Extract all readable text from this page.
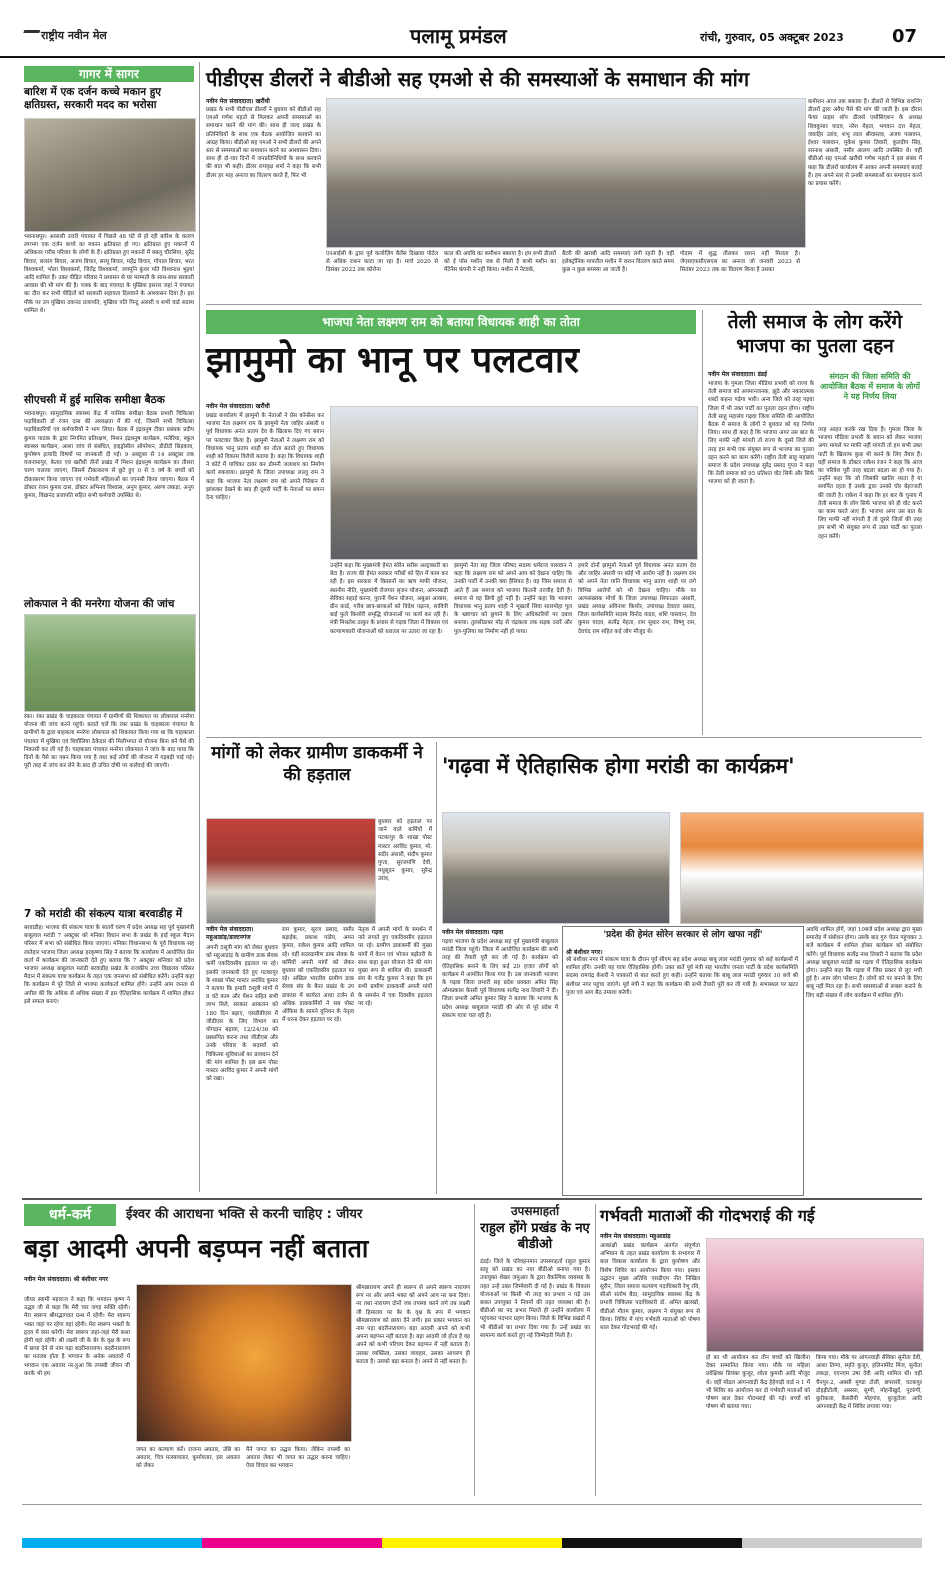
राष्ट्रीय नवीन मेल	पलामू प्रमंडल	रांची, गुरुवार, 05 अक्टूबर 2023	07
गागर में सागर
बारिश में एक दर्जन कच्चे मकान हुए क्षतिग्रस्त, सरकारी मदद का भरोसा
भवनाथपुर। अरसली उत्तरी पंचायत में पिछले 48 घंटे से हो रही बारिश के कारण लगभग एक दर्जन कच्चे का मकान क्षतिग्रस्त हो गए। क्षतिग्रस्त हुए मकानों में अधिकतर गरीब परिवार के लोगों के हैं। क्षतिग्रस्त हुए मकानों में बबलू चौरसिया, सुरेंद्र बिचार, बजरंग बिचार, अजय बिचार, सरयू बिचार, महेंद्र बिचार, गोपाल बिचार, भरत विश्वकर्मा, भोला विश्वकर्मा, जितेंद्र विश्वकर्मा, जयमुनि कुंवर पति विश्वनाथ भुइयां आदि शामिल हैं। उक्त पीड़ित परिवार ने प्रशासन से घर मरम्मती के साथ-साथ सरकारी आवास की भी मांग की है। पत्रक के बाद पंचायत के मुखिया इसरार जहां ने पंचायत का दौरा कर सभी पीड़ितों को सरकारी सहायता दिलवाने के आश्वासन दिया है। इस मौके पर उप मुखिया दयानंद प्रजापति, मुखिया पति पिन्टू अंसारी व सभी वार्ड सदस्य शामिल थे।
सीएचसी में हुई मासिक समीक्षा बैठक
भवनाथपुर। सामुदायिक स्वास्थ्य केंद्र में मासिक समीक्षा बैठक प्रभारी चिकित्सा पदाधिकारी डॉ रंजन दास की अध्यक्षता में की गई, जिसमें सभी चिकित्सा पदाधिकारियों एवं कर्मचारियों ने भाग लिया। बैठक में इंद्रधनुष टीका प्रबंधक प्रदीप कुमार पाठक के द्वारा निगमित प्रतिरक्षण, मिशन इंद्रधनुष कार्यक्रम, मलेरिया, स्कूल स्वास्थ्य कार्यक्रम, आशा जांच से संबंधित, हाइड्रोसील ऑपरेशन, डीडीटी छिड़काव, कुपोषण इत्यादि विषयों पर जानकारी दी गई। 9 अक्टूबर से 14 अक्टूबर तक वजनामापुर, केतार एवं खरौंधी तीनों प्रखंड में मिशन इंद्रधनुष कार्यक्रम का तीसरा चरण चलाया जाएगा, जिसमें टीकाकरण से छूटे हुए 0 से 5 वर्ष के बच्चों को टीकाकरण किया जाएगा एवं गर्भवती महिलाओं का एएनसी किया जाएगा। बैठक में डॉक्टर रंजन कुमार दास, डॉक्टर अभिनव विश्वास, अनुप कुमार, अरुण लकड़ा, अनूप कुमार, विद्यानंद प्रजापति सहित सभी कर्मचारी उपस्थित थे।
लोकपाल ने की मनरेगा योजना की जांच
रंका। रंका प्रखंड के चाहकाला पंचायत में ग्रामीणों की शिकायत पर लोकपाल मनरेगा योजना की जांच करने पहुंचे। बताते चलें कि रंका प्रखंड के चाहकाला पंचायत के ग्रामीणों के द्वारा बाहकला मनरेगा लोकपाल को शिकायत किया गया था कि चाहकाला पंचायत में मुखिया एवं बिचौलिया ठेकेदार की मिलीभगत से योजना बिना बने पैसे की निकासी कर ली गई है। चाहकाला पंचायत मनरेगा लोकपाल ने जांच के बाद पाया कि दिनों के पैसे का गबन किया गया है तथा कई लोगों की योजना में गड़बड़ी पाई गई। पूरी तरह से जांच कर लेने के बाद ही उचित दोषी पर कार्रवाई की जाएगी।
7 को मरांडी की संकल्प यात्रा बरवाडीह में
बरवाडीह। भाजपा की संकल्प यात्रा के सातवें चरण में प्रदेश अध्यक्ष सह पूर्व मुख्यमंत्री बाबूलाल मरांडी 7 अक्टूबर को मनिका विधान सभा के प्रखंड के हाई स्कूल मैदान परिसर में सभा को संबोधित किया जाएगा। मनिका विधानसभा के पूर्व विधायक सह लातेहार भाजपा जिला अध्यक्ष हरकृष्णा सिंह ने बताया कि कार्यालय में आयोजित प्रेस वार्ता में कार्यक्रम की जानकारी देते हुए बताया कि 7 अक्टूबर शनिवार को प्रदेश भाजपा अध्यक्ष बाबूलाल मरांडी बरवाडीह प्रखंड के राजकीय उच्च विद्यालय परिसर मैदान में संकल्प यात्रा कार्यक्रम के तहत एक जनसभा को संबोधित करेंगे। उन्होंने कहा कि कार्यक्रम में पूरे जिले से भाजपा कार्यकर्ता शामिल होंगे। उन्होंने आम जनता से अपील की कि अधिक से अधिक संख्या में इस ऐतिहासिक कार्यक्रम में शामिल होकर इसे सफल बनाएं।
पीडीएस डीलरों ने बीडीओ सह एमओ से की समस्याओं के समाधान की मांग
नवीन मेल संवाददाता। खरौंधी
प्रखंड के सभी पीडीएस डीलरों ने बुधवार को बीडीओ सह एमओ गणेश महतो से मिलकर अपनी समस्याओं का समाधान करने की मांग की। साथ ही जल्द प्रखंड के प्रतिनिधियों के साथ एक बैठक आयोजित करवाने का आग्रह किया। बीडीओ सह एमओ ने सभी डीलरों की अपने स्तर से समस्याओं का समाधान करने का आश्वासन दिया। साथ ही दो-चार दिनों में जनप्रतिनिधियों के साथ करवाने की बात भी कही। डीलर रामवृक्ष शर्मा ने कहा कि सभी डीलर हर माह अनाज का वितरण करते हैं, फिर भी
एनआईसी के द्वारा पूर्व कलोज़िंग बैलेंस दिखावा पोर्टल से अधिक राशन काटा जा रहा है। मार्च 2020 से दिसंबर 2022 तक कोरोना
काल की अवधि का कमीशन बकाया है। हम सभी डीलरों को ई पॉस मशीन जब से मिली है कभी मशीन का मेंटेनेंस कंपनी ने नहीं किया। मशीन में नेटवर्क,
बैटरी की खराबी आदि समस्याएं लगी रहती हैं। वहीं इलेक्ट्रॉनिक मापतौल मशीन में राशन वितरण करते समय कुछ न कुछ समस्या आ जाती है।
गोदाम में शुद्ध तौलकर राशन नहीं मिलता है। जेएसएफसीएसएस का अनाज जो जनवरी 2023 से सितंबर 2023 तक का वितरण किया है उसका
कमीशन आज तक बकाया है। डीलरों से विभिन्न राशनिंग डीलरों द्वारा अवैध पैसे की मांग की जाती है। इस दौरान फेयर प्राइस शॉप डीलर्स एसोसिएशन के अध्यक्ष शिवकुमार यादव, नरेश मेहता, भगवान दत्त मेहता, जवाहिर उरांव, शंभू लाल श्रीवास्तव, अजय पासवान, ईश्वर पासवान, मुकेश कुमार तिवारी, कुलदीप सिंह, रसनाथ अंसारी, नसीर आलम आदि उपस्थित थे। वहीं बीडीओ सह एमओ खरौंधी गणेश महतो ने इस संबंध में कहा कि डीलरों कार्यालय में आकर अपनी समस्याएं बताई हैं। हम अपने स्तर से उनकी समस्याओं का समाधान करने का प्रयास करेंगे।
भाजपा नेता लक्ष्मण राम को बताया विधायक शाही का तोता
झामुमो का भानू पर पलटवार
नवीन मेल संवाददाता। खरौंधी
प्रखंड कार्यालय में झामुमो के नेताओं ने प्रेस कॉन्फ्रेंस कर भाजपा नेता लक्ष्मण राम के झामुमो नेता जाहिर अंसारी व पूर्व विधायक अनंत प्रताप देव के खिलाफ दिए गए बयान पर पलटवार किया है। झामुमो नेताओं ने लक्ष्मण राम को विधायक भानु प्रताप शाही का तोता बताते हुए विधायक शाही को विकास विरोधी बताया है। कहा कि विधायक शाही ने कोर्ट में याचिका दायर कर डोमनी जलाशय का निर्माण कार्य रुकवाया। झामुमो के जिला उपाध्यक्ष लल्लू राम ने कहा कि भाजपा नेता लक्ष्मण राम को अपने गिरेबान में झांककर देखने के बाद ही दूसरी पार्टी के नेताओं पर बयान देना चाहिए।
उन्होंने कहा कि मुख्यमंत्री हेमंत सोरेन सरीस अल्ट्राकारी का बेटा है। राज्य की हेमंत सरकार गरीबों को हित में काम कर रही है। इस सरकार में किसानों का ऋण माफी योजना, स्थानीय नीति, मुख्यमंत्री रोजगार सृजन योजना, आंगनबाड़ी सेविका सहाई करना, पुरानी पेंशन योजना, अबुआ आवास, ग्रीन कार्ड, गरीब छात्र-छात्राओं को विदेश पढ़ाना, सावित्री बाई फुले किशोरी समृद्धि योजनाओं पर कार्य कर रही है। मंत्री मिथलेश ठाकुर के प्रयास से गढ़वा जिला में विकास एवं कल्याणकारी योजनाओं को धरातल पर उतारा जा रहा है।
झामुमो नेता सह जिला परिषद सदस्य धर्मराज पासवान ने कहा कि लक्ष्मण राम को अपने आप को देखना चाहिए कि उनकी पार्टी में उनकी क्या हैसियत है। वह जिस समाज से आते हैं उस समाज को भाजपा कितनी तरजीह देती है। समाज से वह छिपी हुई नहीं है। उन्होंने कहा कि भाजपा विधायक भानु प्रताप शाही ने भूखलों सिवा सालमोहा पुल के भ्रष्टाचार को छुपाने के लिए अधिकारियों पर दबाव बनाया। तुलसीडाबर मोड़ से चंद्रकला तक सड़क दरारें और पुल-पुलिया का निर्माण नहीं हो पाया।
हमारे दोनों झामुमो नेताओं पूर्व विधायक अनंत प्रताप देव और जाहिर अंसारी पर कोई भी आरोप नहीं है। लक्ष्मण राम को अपने नेता यानि विधायक भानु प्रताप शाही पर लगे विभिन्न आरोपों को भी देखना चाहिए। मौके पर अल्पसंख्यक मोर्चा के जिला उपाध्यक्ष शिफाउल अंसारी, प्रखंड अध्यक्ष अविनाश किशोर, उपाध्यक्ष देवदत्त प्रसाद, जिला कार्यसमिति सदस्य विनोद यादव, शशि पासवान, देव कुमार यादव, सत्येंद्र मेहता, राम सुधार राम, विष्णु राम, देवचंद राम सहित कई लोग मौजूद थे।
तेली समाज के लोग करेंगे भाजपा का पुतला दहन
संगठन की जिला समिति की आयोजित बैठक में समाज के लोगों ने यह निर्णय लिया
नवीन मेल संवाददाता। डंडई
भाजपा के गुमला जिला मीडिया प्रभारी को राज्य के तेली समाज को अपमानजनक, झूठे और नकारात्मक शब्दों कहना पड़ेगा भारी। अन्य जिले को तरह गढ़वा जिला में भी उक्त पार्टी का पुतला दहन होगा। राष्ट्रीय तेली साहू महासंघ गढ़वा जिला समिति की आयोजित बैठक में समाज के लोगों ने बुधवार को यह निर्णय लिया। साथ ही कहा है कि भाजपा अगर उस बात के लिए माफी नहीं मांगती तो राज्य के दूसरे जिले की तरह हम सभी एक संयुक्त रूप से भाजपा का पुतला दहन करने का काम करेंगे। राष्ट्रीय तेली साहू महासंघ समाज के प्रदेश उपाध्यक्ष सुरेंद्र प्रसाद गुप्ता ने कहा कि तेली समाज को 95 प्रतिशत वोट सिर्फ और सिर्फ भाजपा को ही जाता है।
तरह आहत करके रख दिया है। गुमला जिला के भाजपा मीडिया प्रभारी के बयान को लेकर भाजपा अगर मामले पर माफी नहीं मांगती तो हम सभी उक्त पार्टी के खिलाफ कुछ भी करने के लिए तैयार हैं। वहीं समाज के डॉक्टर राकेश रंजन ने कहा कि आज का परिवेश पूरी तरह बदला बदला सा हो गया है। उन्होंने कहा कि जो जिसकी खातिर मरता है या समर्पित रहता है उसके द्वारा उनको घोर बेइज्जती की जाती है। राकेश ने कहा कि हर बार के चुनाव में तेली समाज के लोग सिर्फ भाजपा को ही वोट करने का काम करते आए हैं। भाजपा अगर उस बात के लिए माफी नहीं मांगती है तो दूसरे जिलों की तरह हम सभी भी संयुक्त रूप से उक्त पार्टी का पुतला दहन करेंगे।
मांगों को लेकर ग्रामीण डाककर्मी ने की हड़ताल
बुधवार को हड़ताल पर जाने वाले कर्मियों में पटकापुर के शाखा पोस्ट मास्टर अरविंद कुमार, मो. सदीर अंसारी, संदीप कुमार गुप्ता, सुरजमणि देवी, मधुसूदन कुमार, सुरेन्द्र उरांव,
नवीन मेल संवाददाता। महुआडांड़/डाल्टनगंज
अपनी 5सूत्री मांग को लेकर बुधवार को महुआडांड़ के ग्रामीण डाक सेवक कर्मी एकदिवसीय हड़ताल पर रहे। इसकी जानकारी देते हुए पटकापुर के शाखा पोस्ट मास्टर अरविंद कुमार ने बताया कि हमारी 5सूत्री मांगों में 8 घंटे काम और पेंशन सहित सभी लाभ मिले, सरकार आकलन को 180 दिन बढ़ाए, एसडीबीएस में जीडीएस के लिए विभाग का योगदान बढ़ाया, 12/24/36 को प्रस्थापित करना तथा जीडीएस और उनके परिवार के सदस्यों को चिकित्सा सुविधाओं का प्रावधान देने की मांग शामिल है। इस क्रम पोस्ट मास्टर अरविंद कुमार ने अपनी मांगों को रखा।
राम कुमार, सूरज प्रसाद, समीर बड़ाईक, प्रकाश पांडेय, अमन कुमार, राकेश कुमार आदि शामिल रहे। वहीं सदरग्रामीण डाक सेवक के कर्मियों अपनी मांगों को लेकर बुधवार को एकदिवसीय हड़ताल पर रहे। अखिल भारतीय ग्रामीण डाक सेवक संघ के बैनर प्रखंड के उप डाकघर में कार्यरत आधा दर्जन से अधिक डाककर्मियों ने सब पोस्ट ऑफिस के सामने यूनियन के नेतृत्व में धरना देकर हड़ताल पर रहे।
नेतृत्व में अपनी मांगों के समर्थन में नारे लगाते हुए एकदिवसीय हड़ताल पर रहे। ग्रामीण डाककर्मी की मुख्य मांगों में वेतन एवं भोजन बढ़ोतरी के साथ कहा हुआ योजना देने की मांग मुख्य रूप से शामिल थी। डाककर्मी संघ के गर्जेद्र कुमार ने कहा कि हम सभी ग्रामीण डाककर्मी अपनी मांगों के समर्थन में एक दिवसीय हड़ताल पर रहे।
'गढ़वा में ऐतिहासिक होगा मरांडी का कार्यक्रम'
नवीन मेल संवाददाता। गढ़वा
गढ़वा भाजपा के प्रदेश अध्यक्ष सह पूर्व मुख्यमंत्री बाबूलाल मरांडी जिला पहुंचे। जिला में आयोजित कार्यक्रम की सभी तरह की तैयारी पूरी कर ली गई है। कार्यक्रम को ऐतिहासिक बनाने के लिए कई 20 हजार लोगों को कार्यक्रम में आमंत्रित किया गया है। उस जानकारी भाजपा के गढ़वा जिला प्रभारी सह प्रदेश प्रवक्ता अमित सिंह ओमप्रकाश केसरी पूर्व विधायक सत्येंद्र नाथ तिवारी ने दी। जिला प्रभारी अमित कुमार सिंह ने बताया कि भाजपा के प्रदेश अध्यक्ष बाबूलाल मरांडी की ओर से पूरे प्रदेश में संकल्प यात्रा चल रही है।
'प्रदेश की हेमंत सोरेन सरकार से लोग खफा नहीं'
श्री बंशीधर नगर।
श्री बंशीधर नगर में संकल्प यात्रा के दौरान पूर्व सीएम सह प्रदेश अध्यक्ष बाबू लाल मरांडी गुरुवार को कई कार्यक्रमों में शामिल होंगे। उनकी यह यात्रा ऐतिहासिक होगी। उक्त बातें पूर्व मंत्री सह भारतीय जनता पार्टी के प्रदेश कार्यसमिति सदस्य रामचंद्र केशरी ने पत्रकारों से बात करते हुए कही। उन्होंने बताया कि बाबू लाल मरांडी गुरुवार 10 बजे श्री बंशीधर नगर पहुंचा जाएंगे। पूर्व मंत्री ने कहा कि कार्यक्रम की सभी तैयारी पूरी कर ली गयी है। सभास्थल पर खटर पूजा एवं आग बैठ तमाशा करेगी।
अवधि शामिल होगें, जहां 10बजे प्रदेश अध्यक्ष द्वारा मुख्य समारोह में संबोधन होगा। उसके बाद गुरु चेतन पहुंचकर 3 बजे कार्यक्रम में शामिल होकर कार्यक्रम को संबोधित करेंगे। पूर्व विधायक सत्येंद्र नाथ तिवारी ने बताया कि प्रदेश अध्यक्ष बाबूलाल मरांडी का गढ़वा में ऐतिहासिक कार्यक्रम होगा। उन्होंने कहा कि गढ़वा में जिस प्रकार से लूट मची हुई है। आम लोग परेशान हैं। लोगों को पर बनाने के लिए बाबू नहीं मिल रहा है। सभी समस्याओं से रूबरू कराने के लिए बड़ी संख्या में लोग कार्यक्रम में शामिल होंगे।
धर्म-कर्म	ईश्वर की आराधना भक्ति से करनी चाहिए : जीयर
बड़ा आदमी अपनी बड़प्पन नहीं बताता
नवीन मेल संवाददाता। श्री बंशीधर नगर
जीयर स्वामी महाराज ने कहा कि भगवान कृष्ण ने उद्धव जी से कहा कि मेरी चार जगह सक्ति रहेगी। मेरा स्वरूप श्रीमद्भागवत ग्रन्थ में रहेगी। मेरा स्वरूप भक्त जहां पर रहेगा वहां रहेगी। मेरा स्वरूप भक्तों के हृदय में वास करेगी। मेरा स्वरूप जहां-जहां मेरी कथा होगी वहां रहेगी। श्री लक्ष्मी जी के बेर के वृक्ष के रूप में छाया देने से नाम पड़ा बदरीनारायण। बदरीनारायण का मतलब होता है भगवान के अनेक अवतारों में भगवान एक अवतार नर-हुआ कि तपस्वी जीवन जी करके भी हम
जगत का कल्याण करें। राजन्य अवतार, उंछि का अवतार, चित्र मत्स्यावतार, कुर्मावतार, इस अवतार को लेकर
मैने जगत का उद्धार किया। लेकिन तपस्वी का अवतार लेकर भी जगत का उद्धार करना चाहिए। ऐसा विचार कर भगवान
श्रीमन्नारायण अपने ही स्वरूप से अपने स्वरूप नारायण रूप नर और अपने भक्त को अपने आप नर बना दिया। नर तथा नारायण दोनों जब तपस्या करने लगे तब लक्ष्मी जी हिमालय पर बेर के वृक्ष के रूप में भगवान श्रीमन्नारायण को छाया देने लगी। इस प्रकार भगवान का नाम पड़ा बदरीनारायण। बड़ा आदमी अपने को कभी अपना बड़प्पन नहीं बताता है। बड़ा आदमी जो होता है वह अपने को कभी परिचय देकर बड़प्पन में नहीं बताता है। उसका व्यक्तित्व, उसका व्यवहार, उसका आचरण ही बताता है। उसको बड़ा बनाता है। अपने से नहीं बनता है।
उपसमाहर्ता
राहुल होंगे प्रखंड के नए बीडीओ
डंडई। जिले के परिवहनमान उपसमाहर्ता राहुल कुमार साहू को प्रखंड का नया बीडीओ बनाया गया है। उपायुक्त शेखर जमुआर के द्वारा वैकल्पिक व्यवस्था के तहत उन्हें उक्त जिम्मेवारी दी गई है। प्रखंड के विकास योजनाओं पर किसी भी तरह का प्रभाव न पड़े उस बाबत उपायुक्त ने नियमों की तहत व्यवस्था की है। बीडीओ का पद प्रभार मिलते ही उन्होंने कार्यालय में पहुंचकर पदभार ग्रहण किया। जिले के विभिन्न प्रखंडों में भी बीडीओ का प्रभार दिया गया है। उन्हें प्रखंड का सामान्य कार्य करते हुए नई जिम्मेदारी मिली है।
गर्भवती माताओं की गोदभराई की गई
नवीन मेल संवाददाता। महुआडांड़
आकांक्षी प्रखंड कार्यक्रम अंतर्गत संपूर्णता अभियान के तहत प्रखंड कार्यालय के सभागार में बाल विकास कार्यालय के द्वारा कुपोषण और विशेष शिविर का आयोजन किया गया। इसका उद्घाटन मुख्य अतिथि एसडीएम नीत निखिल सुरीन, जिला समाज कल्याण पदाधिकारी रेणु रवि, सीओ संतोष बैठा, सामुदायिक स्वास्थ्य केंद्र के प्रभारी चिकित्सा पदाधिकारी डॉ. अमित खलखो, वीडीओ गौतम कुमार, लक्ष्मण ने संयुक्त रूप से किया। शिविर में पांच गर्भवती माताओं को पोषण थाल देकर गोदभराई की गई।
हो का भी आयोजन कर तीन बच्चों को खिलौना देकर सम्मानित किया गया। मौके पर महिला प्रवेक्षिका प्रियंका कुजूर, श्वेता कुमारी आदि मौजूद थे। वहीं मॉडल आंगनवाड़ी केंद्र हेहेगाड़ी वार्ड न 1 में भी शिविर का आयोजन कर दो गर्भवती माताओं को पोषण थाल देकर गोदभराई की गई। बच्चों को पोषण भी बताया गया।
किया गया। मौके पर आंगनवाड़ी सेविका सुनीता देवी, आशा तिग्गा, स्मृति कुजूर, हलिनामेरेट मिंज, सुनीता लकड़ा, एएनएम उषा देवी आदि शामिल थीं। वहीं चैनपुर-2, अक्सी मुण्डा टोली, छपरासी, चटकपुर डोहड़ीटोली, अस्सरा, सुग्गी, मोहनीखुर्द, पुटरुंगी, कुरीकला, केसरीपी मोहगांव, कुजूटोला आदि आंगनवाड़ी केंद्र में शिविर लगाया गया।
